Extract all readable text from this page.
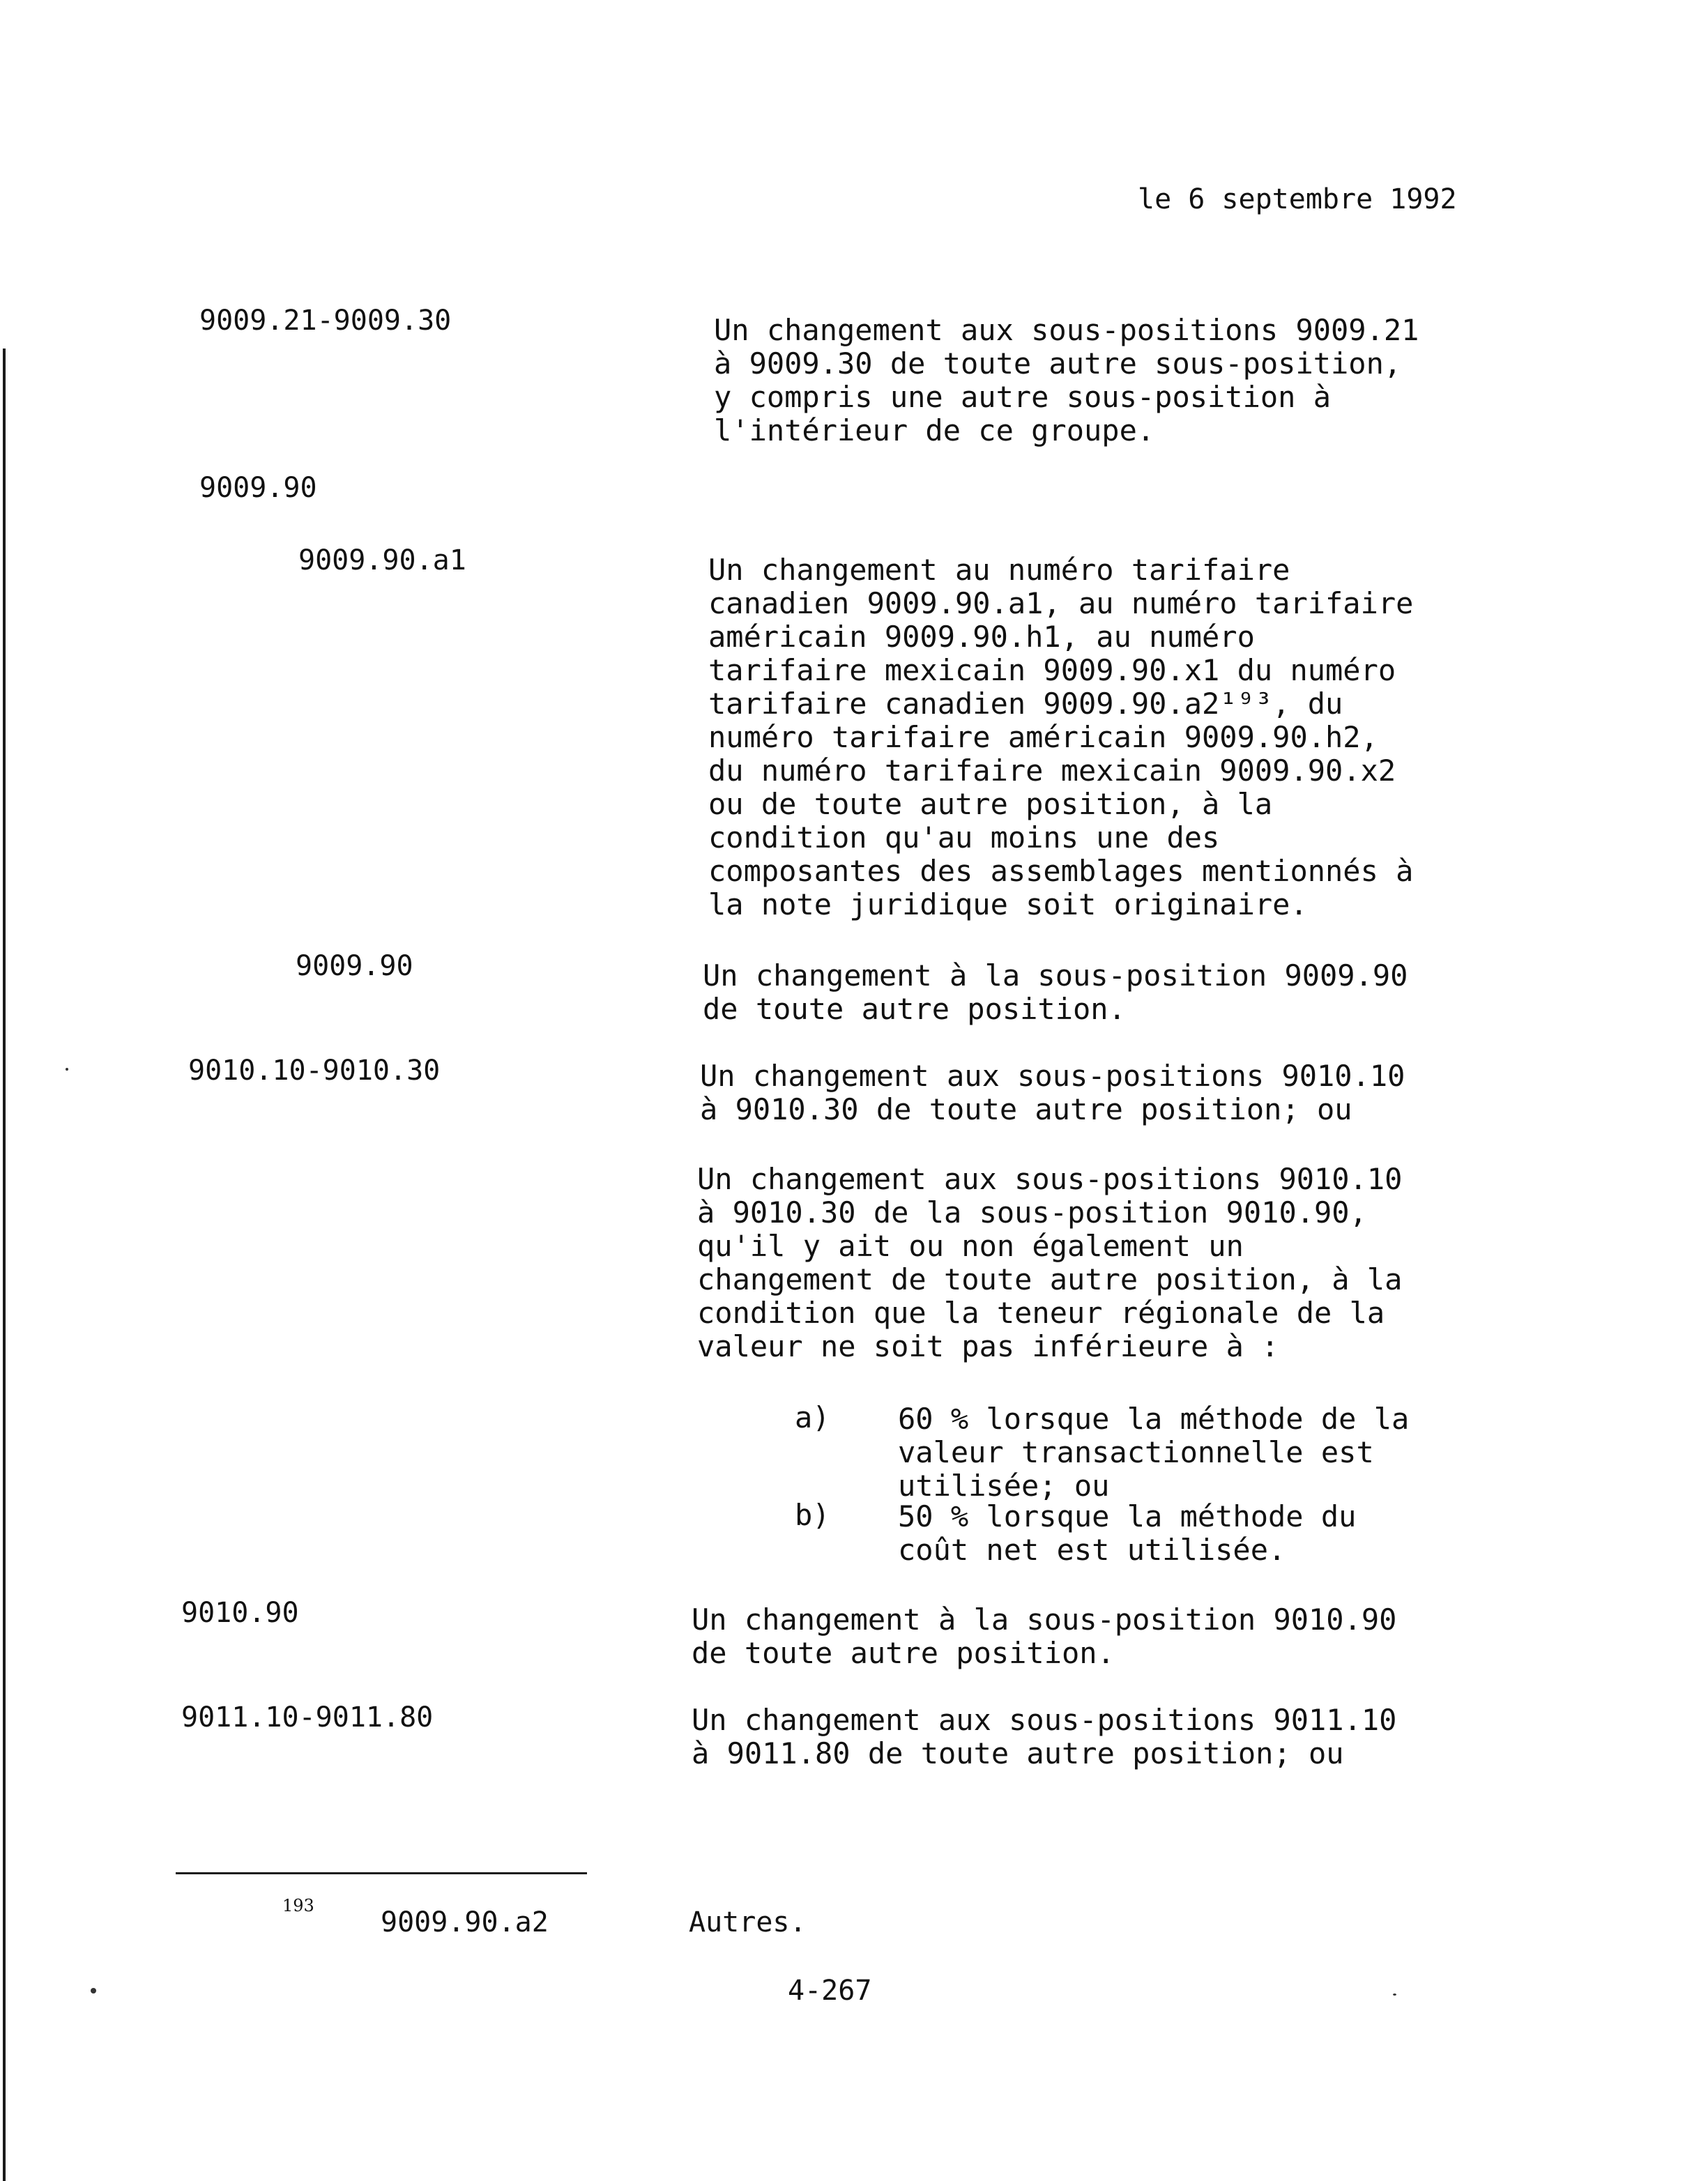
le 6 septembre 1992
9009.21-9009.30	Un changement aux sous-positions 9009.21
à 9009.30 de toute autre sous-position,
y compris une autre sous-position à
l'intérieur de ce groupe.
9009.90
9009.90.a1	Un changement au numéro tarifaire
canadien 9009.90.a1, au numéro tarifaire
américain 9009.90.h1, au numéro
tarifaire mexicain 9009.90.x1 du numéro
tarifaire canadien 9009.90.a2¹⁹³, du
numéro tarifaire américain 9009.90.h2,
du numéro tarifaire mexicain 9009.90.x2
ou de toute autre position, à la
condition qu'au moins une des
composantes des assemblages mentionnés à
la note juridique soit originaire.
9009.90	Un changement à la sous-position 9009.90
de toute autre position.
9010.10-9010.30	Un changement aux sous-positions 9010.10
à 9010.30 de toute autre position; ou
Un changement aux sous-positions 9010.10
à 9010.30 de la sous-position 9010.90,
qu'il y ait ou non également un
changement de toute autre position, à la
condition que la teneur régionale de la
valeur ne soit pas inférieure à :
a) 60 % lorsque la méthode de la
valeur transactionnelle est
utilisée; ou
b) 50 % lorsque la méthode du
coût net est utilisée.
9010.90	Un changement à la sous-position 9010.90
de toute autre position.
9011.10-9011.80	Un changement aux sous-positions 9011.10
à 9011.80 de toute autre position; ou
193
9009.90.a2	Autres.
4-267
